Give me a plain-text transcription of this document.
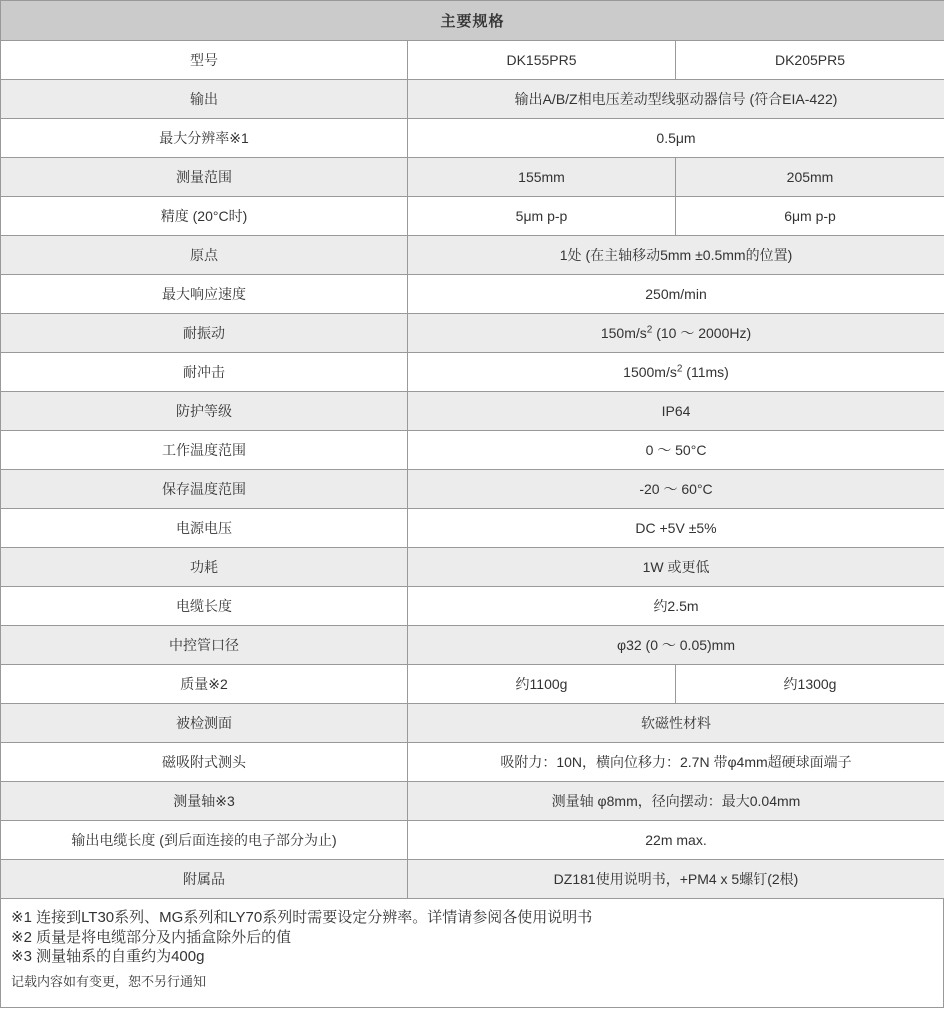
主要规格		
型号	DK155PR5	DK205PR5
输出	输出A/B/Z相电压差动型线驱动器信号 (符合EIA-422)	
最大分辨率※1	0.5μm	
测量范围	155mm	205mm
精度 (20°C时)	5μm p-p	6μm p-p
原点	1处 (在主轴移动5mm ±0.5mm的位置)	
最大响应速度	250m/min	
耐振动	$150m/s^2$ (10 ～ 2000Hz)	
耐冲击	$1500m/s^2$ (11ms)	
防护等级	IP64	
工作温度范围	0 ～ 50°C	
保存温度范围	-20 ～ 60°C	
电源电压	DC +5V ±5%	
功耗	1W 或更低	
电缆长度	约2.5m	
中控管口径	φ32 (0 ～ 0.05)mm	
质量※2	约1100g	约1300g
被检测面	软磁性材料	
磁吸附式测头	吸附力：10N，横向位移力：2.7N 带φ4mm超硬球面端子	
测量轴※3	测量轴 φ8mm，径向摆动：最大0.04mm	
输出电缆长度 (到后面连接的电子部分为止)	22m max.	
附属品	DZ181使用说明书，+PM4 x 5螺钉(2根)	
※1 连接到LT30系列、MG系列和LY70系列时需要设定分辨率。详情请参阅各使用说明书
※2 质量是将电缆部分及内插盒除外后的值
※3 测量轴系的自重约为400g
记载内容如有变更，恕不另行通知
